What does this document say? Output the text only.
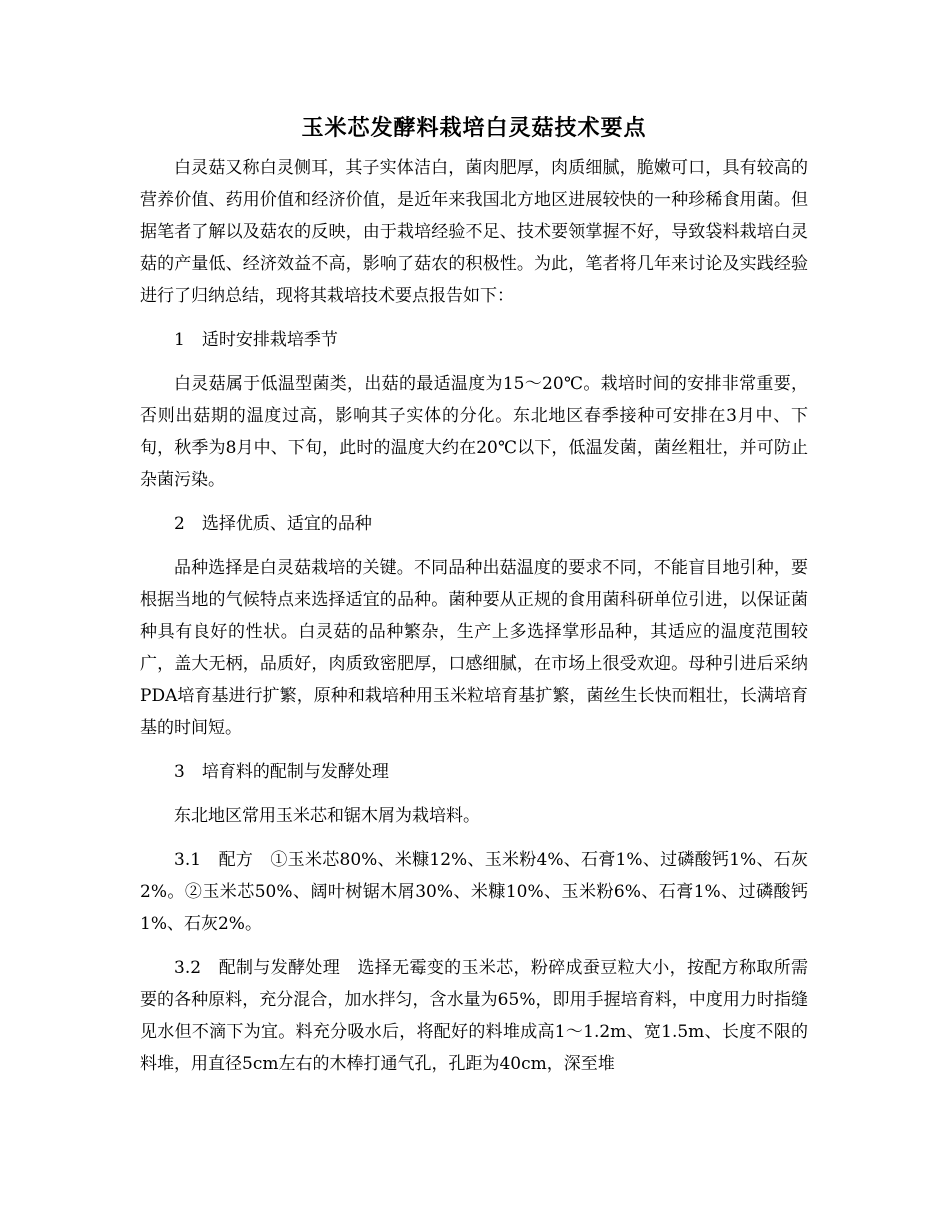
玉米芯发酵料栽培白灵菇技术要点

白灵菇又称白灵侧耳，其子实体洁白，菌肉肥厚，肉质细腻，脆嫩可口，具有较高的营养价值、药用价值和经济价值，是近年来我国北方地区进展较快的一种珍稀食用菌。但据笔者了解以及菇农的反映，由于栽培经验不足、技术要领掌握不好，导致袋料栽培白灵菇的产量低、经济效益不高，影响了菇农的积极性。为此，笔者将几年来讨论及实践经验进行了归纳总结，现将其栽培技术要点报告如下：

1　适时安排栽培季节

白灵菇属于低温型菌类，出菇的最适温度为15～20℃。栽培时间的安排非常重要，否则出菇期的温度过高，影响其子实体的分化。东北地区春季接种可安排在3月中、下旬，秋季为8月中、下旬，此时的温度大约在20℃以下，低温发菌，菌丝粗壮，并可防止杂菌污染。

2　选择优质、适宜的品种

品种选择是白灵菇栽培的关键。不同品种出菇温度的要求不同，不能盲目地引种，要根据当地的气候特点来选择适宜的品种。菌种要从正规的食用菌科研单位引进，以保证菌种具有良好的性状。白灵菇的品种繁杂，生产上多选择掌形品种，其适应的温度范围较广，盖大无柄，品质好，肉质致密肥厚，口感细腻，在市场上很受欢迎。母种引进后采纳PDA培育基进行扩繁，原种和栽培种用玉米粒培育基扩繁，菌丝生长快而粗壮，长满培育基的时间短。

3　培育料的配制与发酵处理

东北地区常用玉米芯和锯木屑为栽培料。

3.1　配方　①玉米芯80%、米糠12%、玉米粉4%、石膏1%、过磷酸钙1%、石灰2%。②玉米芯50%、阔叶树锯木屑30%、米糠10%、玉米粉6%、石膏1%、过磷酸钙1%、石灰2%。

3.2　配制与发酵处理　选择无霉变的玉米芯，粉碎成蚕豆粒大小，按配方称取所需要的各种原料，充分混合，加水拌匀，含水量为65%，即用手握培育料，中度用力时指缝见水但不滴下为宜。料充分吸水后，将配好的料堆成高1～1.2m、宽1.5m、长度不限的料堆，用直径5cm左右的木棒打通气孔，孔距为40cm，深至堆
